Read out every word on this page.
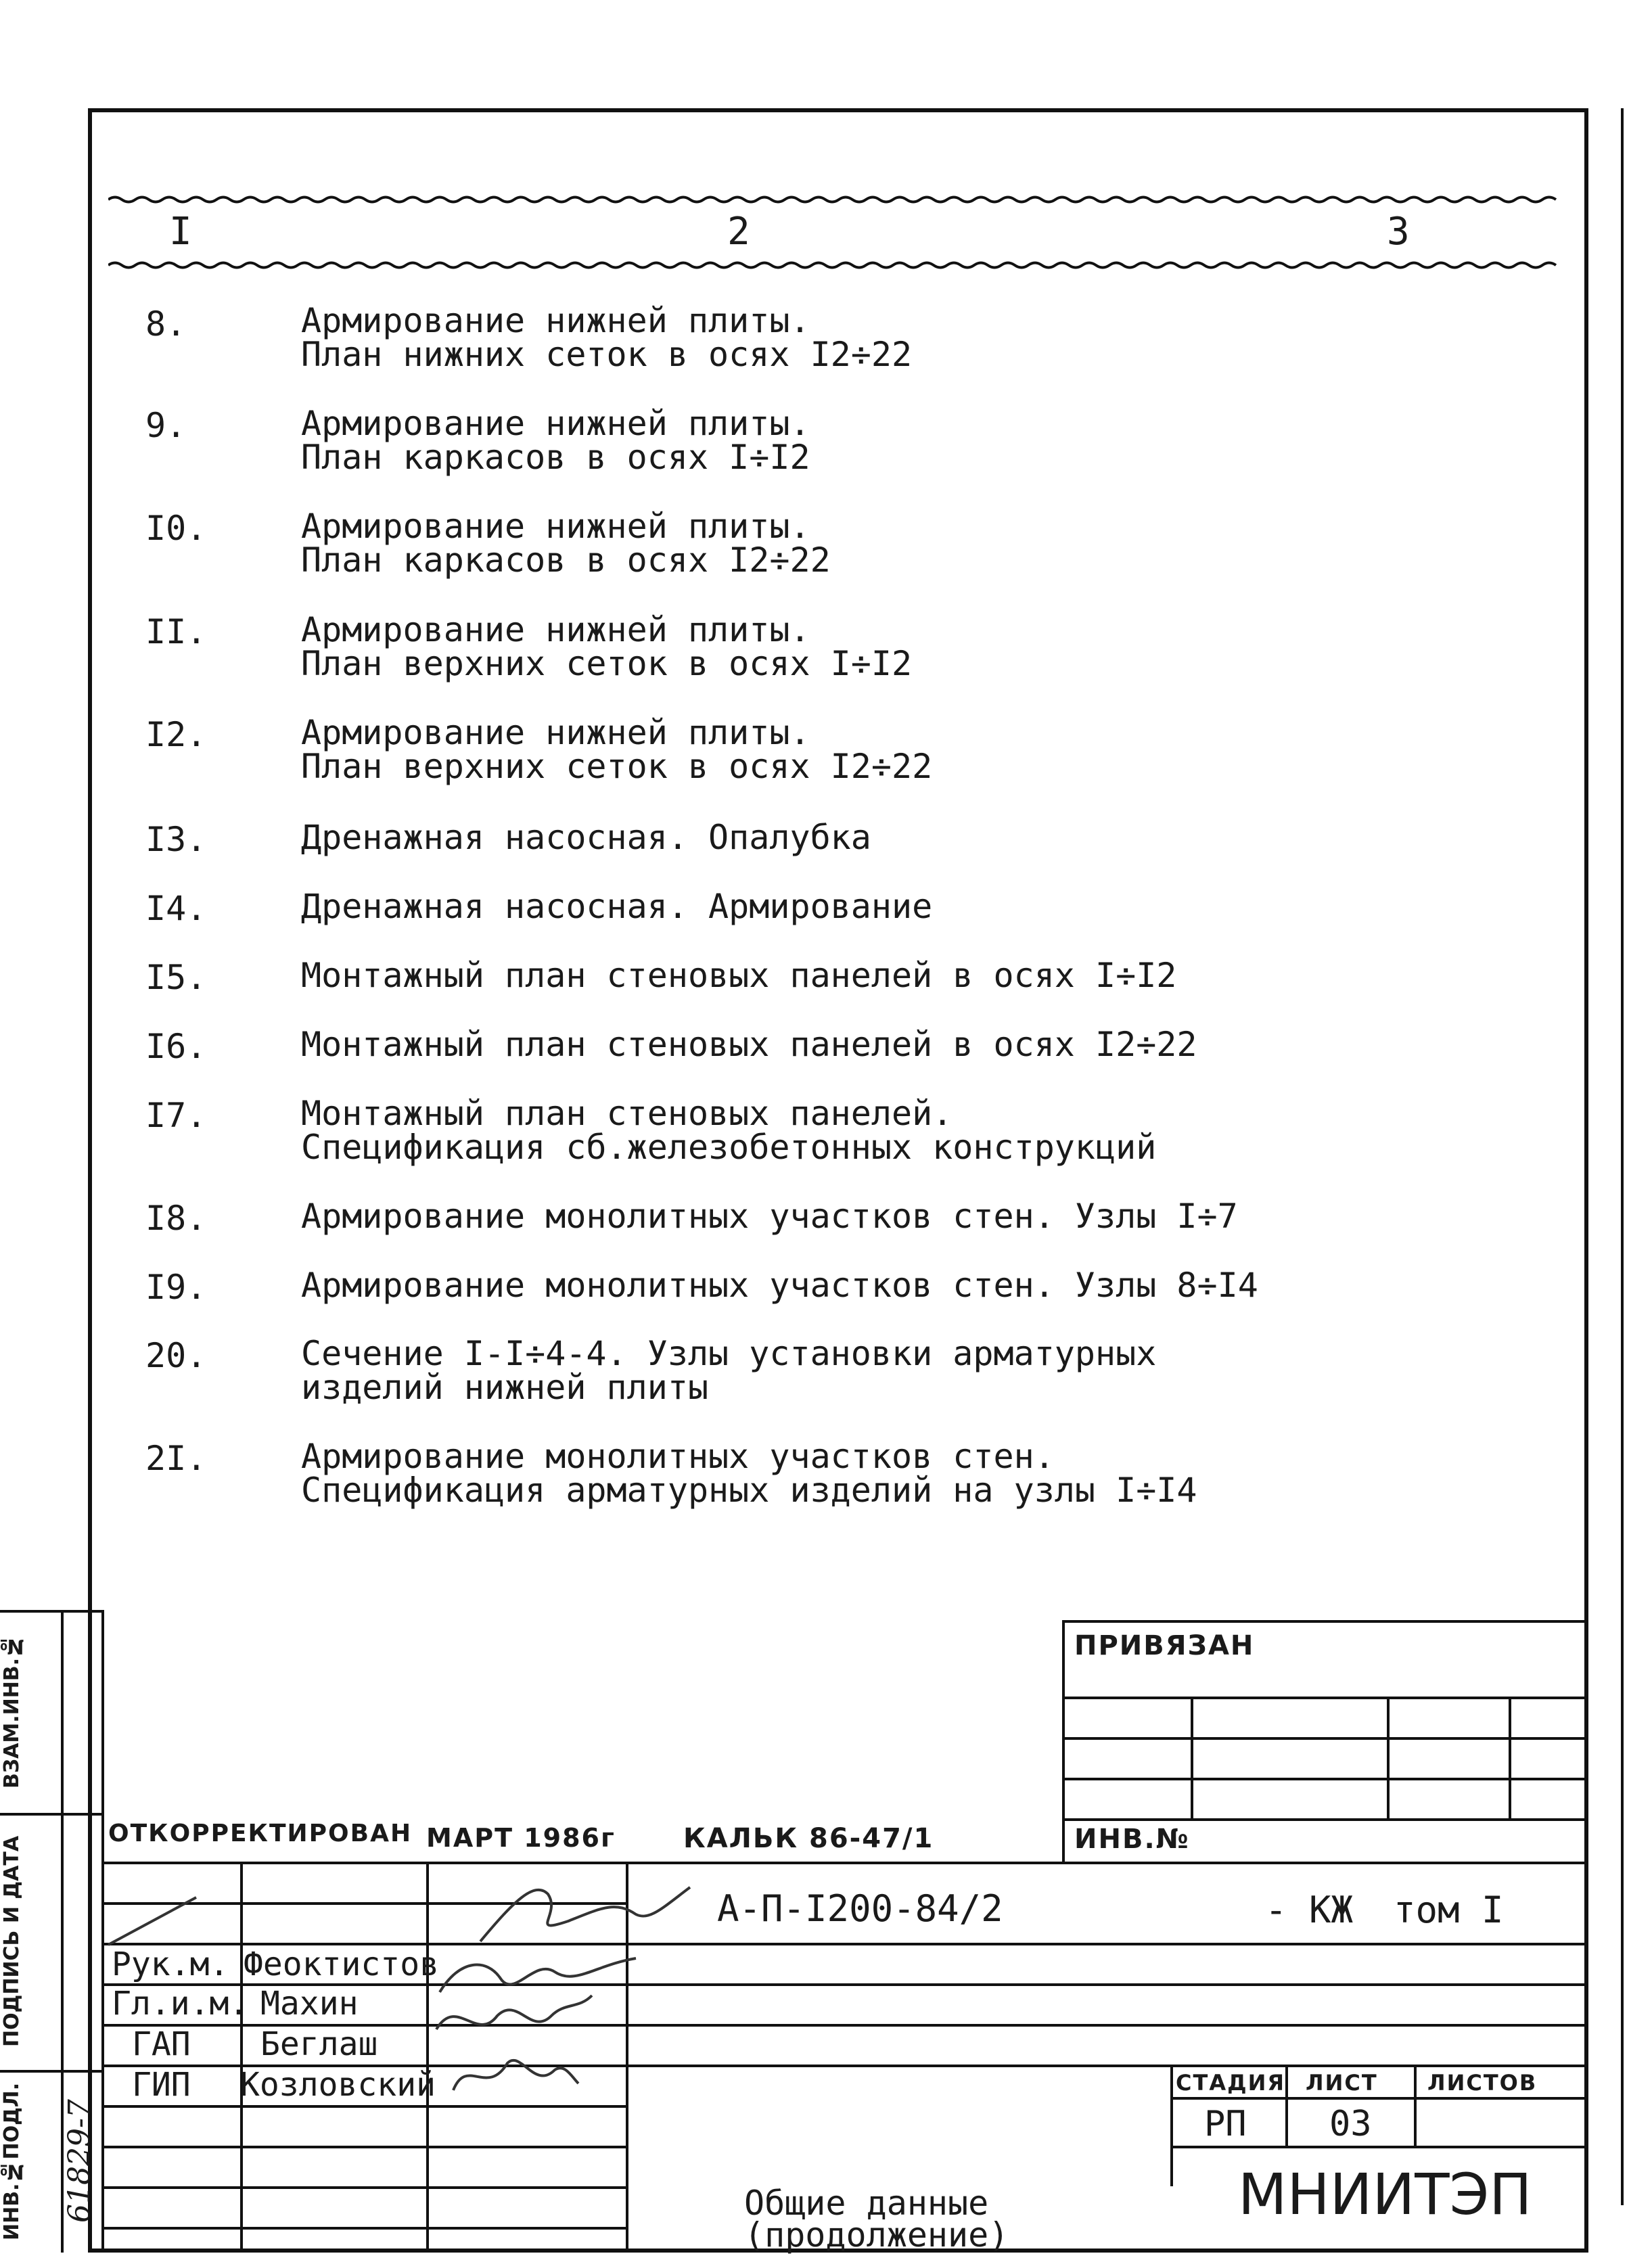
I	2	3
8.	Армирование нижней плиты.
План нижних сеток в осях I2÷22
9.	Армирование нижней плиты.
План каркасов в осях I÷I2
I0.	Армирование нижней плиты.
План каркасов в осях I2÷22
II.	Армирование нижней плиты.
План верхних сеток в осях I÷I2
I2.	Армирование нижней плиты.
План верхних сеток в осях I2÷22
I3.	Дренажная насосная. Опалубка
I4.	Дренажная насосная. Армирование
I5.	Монтажный план стеновых панелей в осях I÷I2
I6.	Монтажный план стеновых панелей в осях I2÷22
I7.	Монтажный план стеновых панелей.
Спецификация сб.железобетонных конструкций
I8.	Армирование монолитных участков стен. Узлы I÷7
I9.	Армирование монолитных участков стен. Узлы 8÷I4
20.	Сечение I-I÷4-4. Узлы установки арматурных
изделий нижней плиты
2I.	Армирование монолитных участков стен.
Спецификация арматурных изделий на узлы I÷I4
ПРИВЯЗАН
ИНВ.№
ОТКОРРЕКТИРОВАН МАРТ 1986г	КАЛЬК 86-47/1
А-П-I200-84/2	- КЖ том I
Рук.м. Феоктистов
Гл.и.м. Махин
ГАП Беглаш
ГИП Козловский	СТАДИЯ ЛИСТ ЛИСТОВ
РП 03
Общие данные
(продолжение)
МНИИТЭП
ВЗАМ.ИНВ.№
ПОДПИСЬ И ДАТА
ИНВ.№ПОДЛ.	61829-7
